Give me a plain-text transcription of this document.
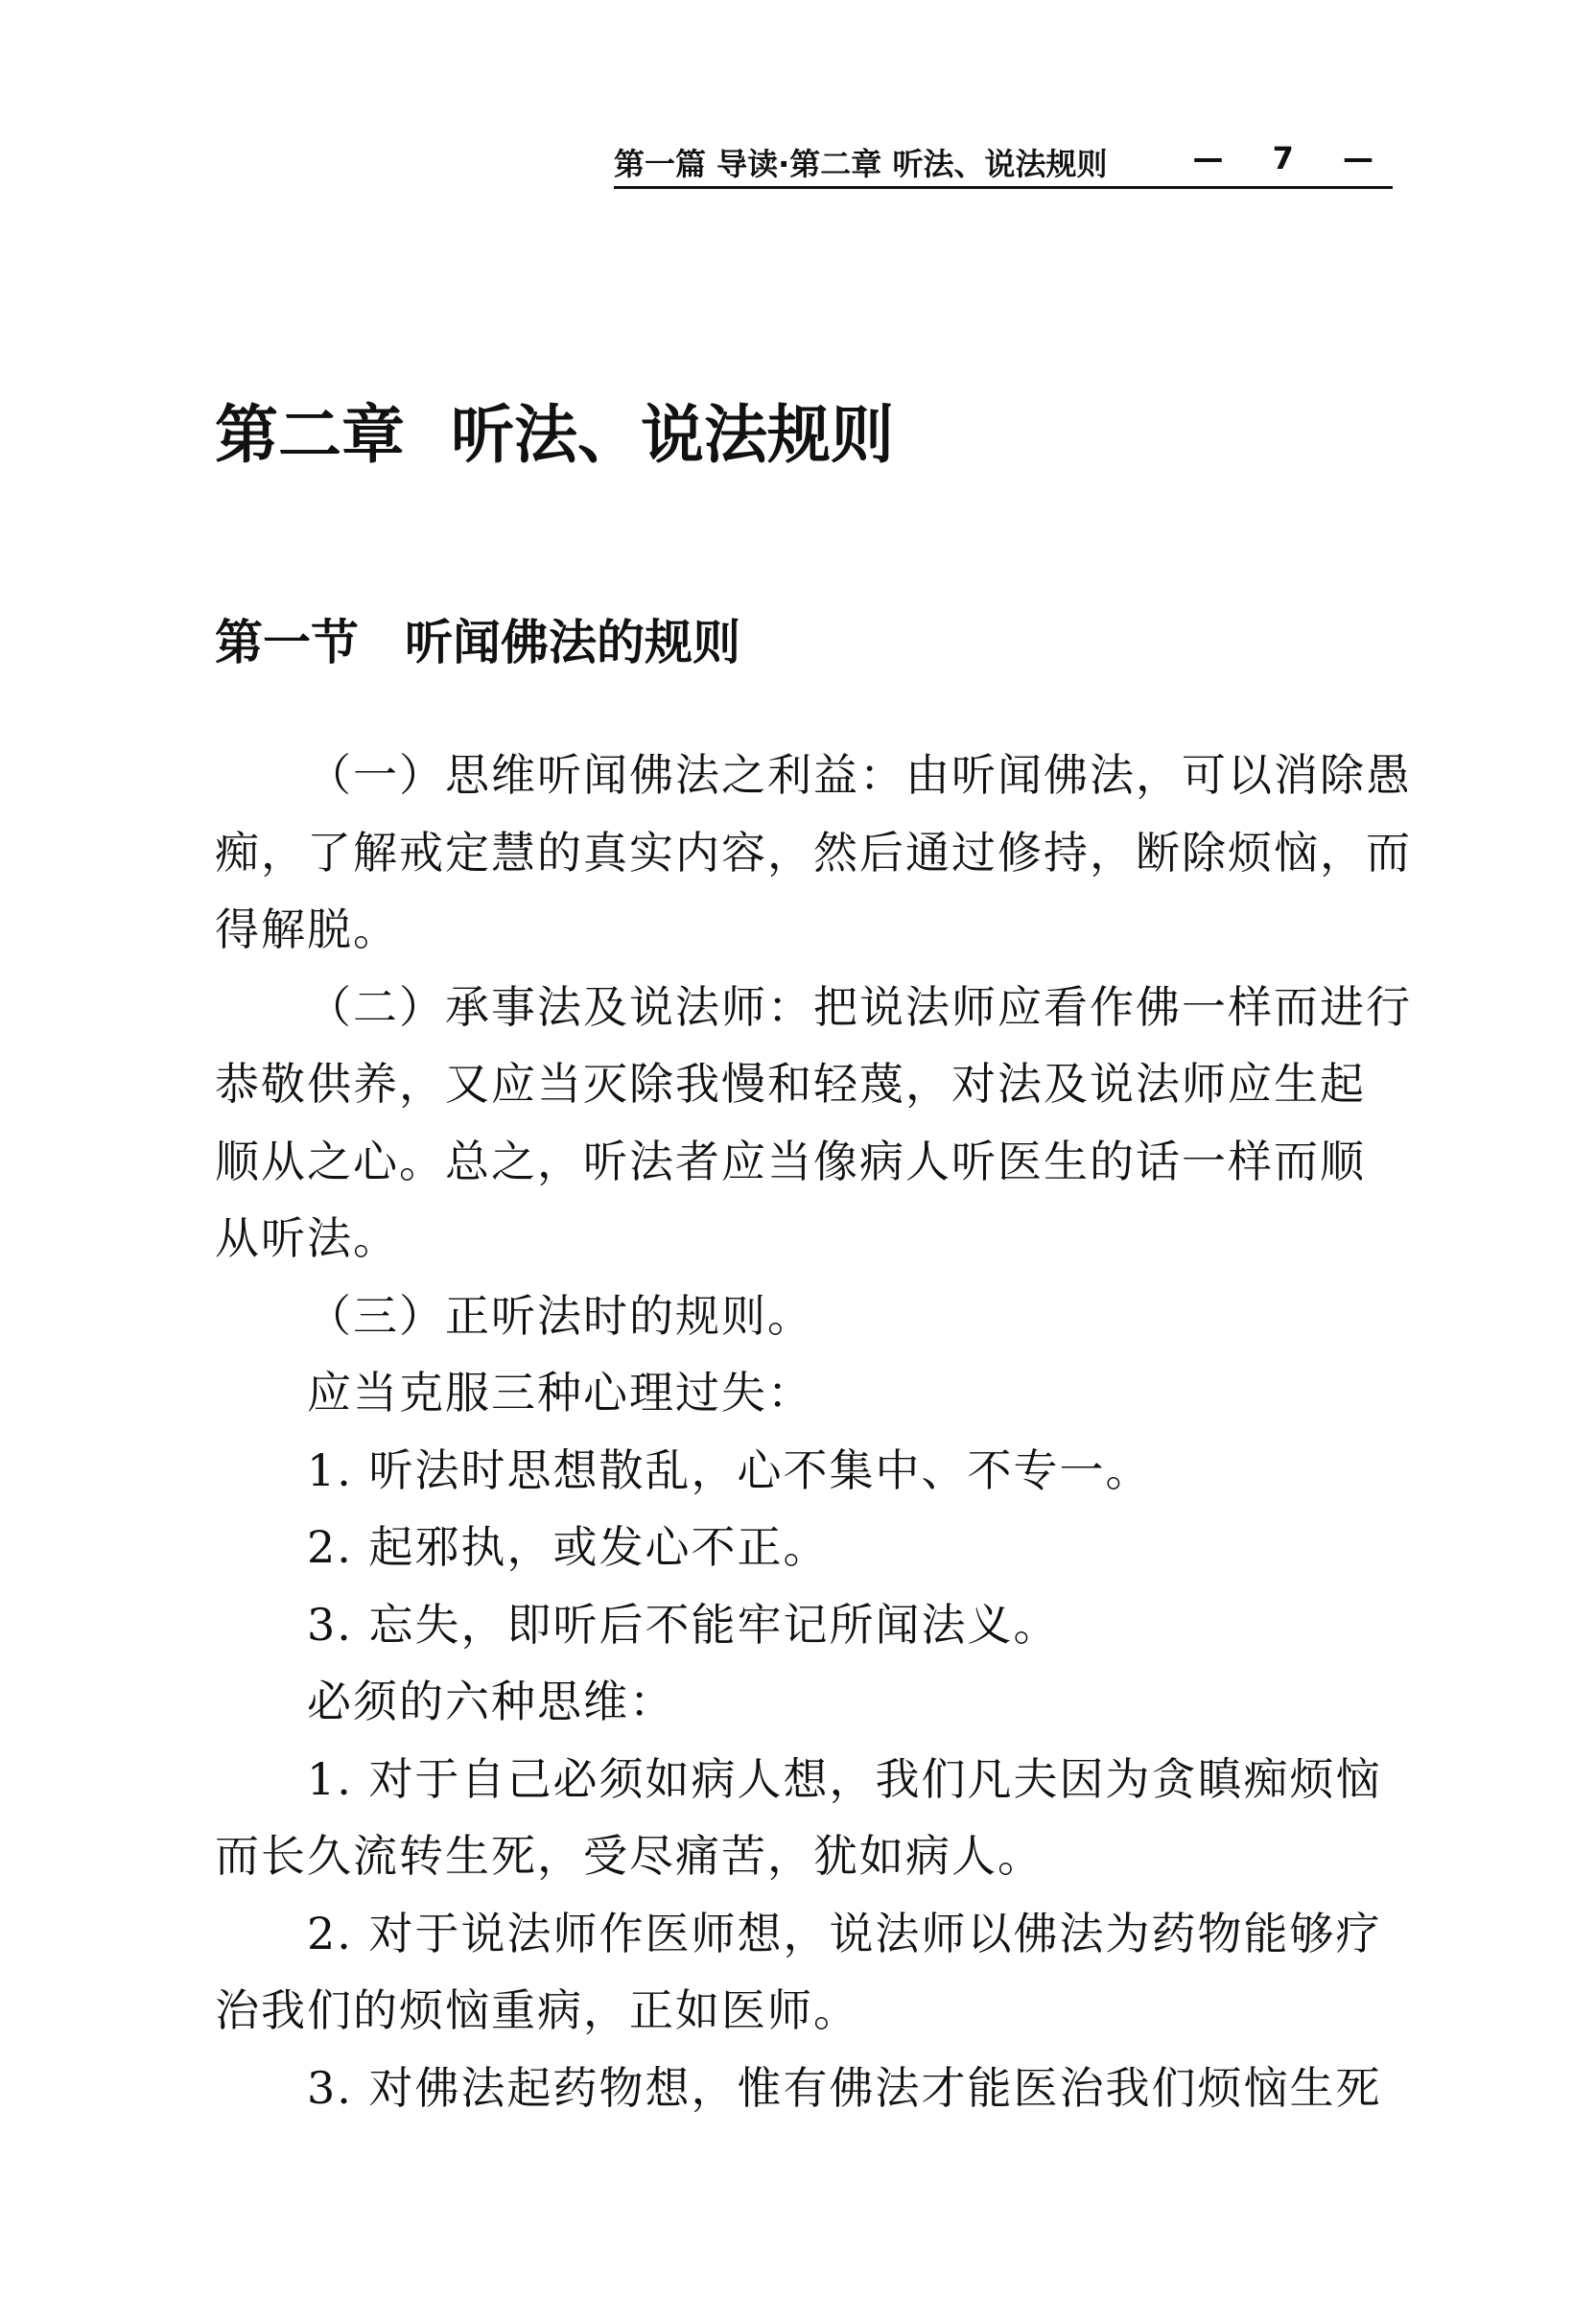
第一篇 导读·第二章 听法、说法规则	— 7 —
第二章 听法、说法规则
第一节 听闻佛法的规则
（一）思维听闻佛法之利益：由听闻佛法，可以消除愚
痴，了解戒定慧的真实内容，然后通过修持，断除烦恼，而
得解脱。
（二）承事法及说法师：把说法师应看作佛一样而进行
恭敬供养，又应当灭除我慢和轻蔑，对法及说法师应生起
顺从之心。总之，听法者应当像病人听医生的话一样而顺
从听法。
（三）正听法时的规则。
应当克服三种心理过失：
1. 听法时思想散乱，心不集中、不专一。
2. 起邪执，或发心不正。
3. 忘失，即听后不能牢记所闻法义。
必须的六种思维：
1. 对于自己必须如病人想，我们凡夫因为贪瞋痴烦恼
而长久流转生死，受尽痛苦，犹如病人。
2. 对于说法师作医师想，说法师以佛法为药物能够疗
治我们的烦恼重病，正如医师。
3. 对佛法起药物想，惟有佛法才能医治我们烦恼生死
